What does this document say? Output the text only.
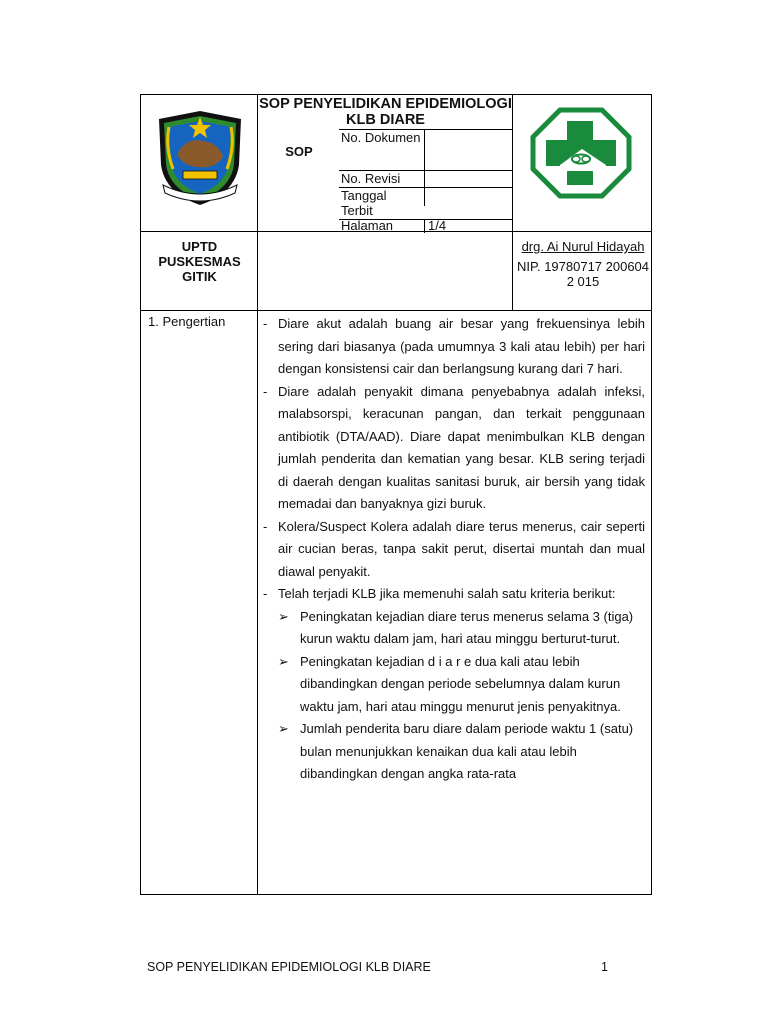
SOP PENYELIDIKAN EPIDEMIOLOGI KLB DIARE
SOP
No. Dokumen
No. Revisi
Tanggal Terbit
Halaman	1/4
UPTD PUSKESMAS GITIK
drg. Ai Nurul Hidayah
NIP. 19780717 200604 2 015
1. Pengertian	- Diare akut adalah buang air besar yang frekuensinya lebih sering dari biasanya (pada umumnya 3 kali atau lebih) per hari dengan konsistensi cair dan berlangsung kurang dari 7 hari.
- Diare adalah penyakit dimana penyebabnya adalah infeksi, malabsorspi, keracunan pangan, dan terkait penggunaan antibiotik (DTA/AAD). Diare dapat menimbulkan KLB dengan jumlah penderita dan kematian yang besar. KLB sering terjadi di daerah dengan kualitas sanitasi buruk, air bersih yang tidak memadai dan banyaknya gizi buruk.
- Kolera/Suspect Kolera adalah diare terus menerus, cair seperti air cucian beras, tanpa sakit perut, disertai muntah dan mual diawal penyakit.
- Telah terjadi KLB jika memenuhi salah satu kriteria berikut:
➢ Peningkatan kejadian diare terus menerus selama 3 (tiga) kurun waktu dalam jam, hari atau minggu berturut-turut.
➢ Peningkatan kejadian d i a r e dua kali atau lebih dibandingkan dengan periode sebelumnya dalam kurun waktu jam, hari atau minggu menurut jenis penyakitnya.
➢ Jumlah penderita baru diare dalam periode waktu 1 (satu) bulan menunjukkan kenaikan dua kali atau lebih dibandingkan dengan angka rata-rata
SOP PENYELIDIKAN EPIDEMIOLOGI KLB DIARE	1
